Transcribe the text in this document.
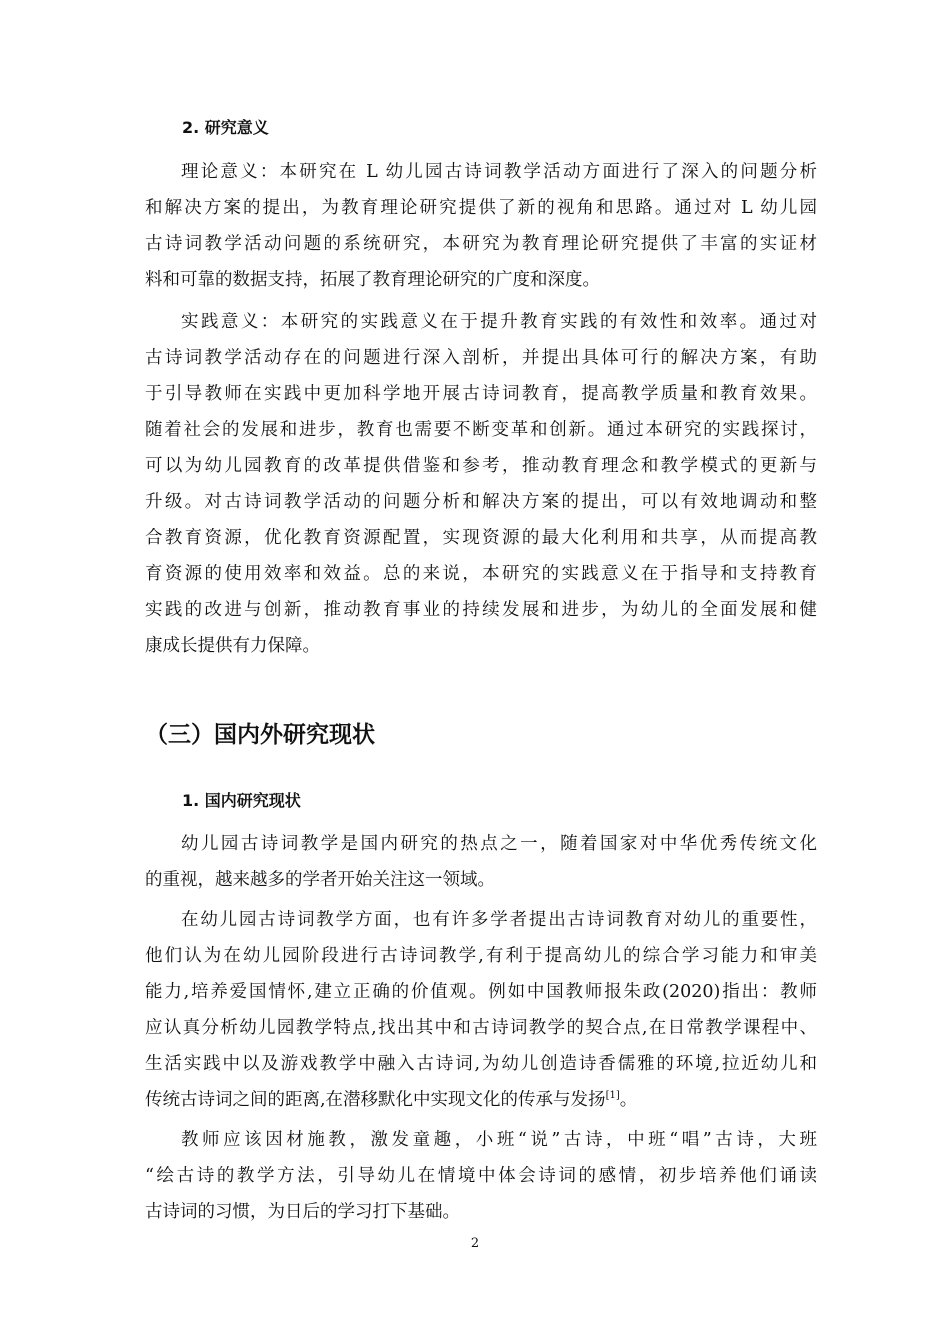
2. 研究意义
理论意义：本研究在 L 幼儿园古诗词教学活动方面进行了深入的问题分析
和解决方案的提出，为教育理论研究提供了新的视角和思路。通过对 L 幼儿园
古诗词教学活动问题的系统研究，本研究为教育理论研究提供了丰富的实证材
料和可靠的数据支持，拓展了教育理论研究的广度和深度。
实践意义：本研究的实践意义在于提升教育实践的有效性和效率。通过对
古诗词教学活动存在的问题进行深入剖析，并提出具体可行的解决方案，有助
于引导教师在实践中更加科学地开展古诗词教育，提高教学质量和教育效果。
随着社会的发展和进步，教育也需要不断变革和创新。通过本研究的实践探讨，
可以为幼儿园教育的改革提供借鉴和参考，推动教育理念和教学模式的更新与
升级。对古诗词教学活动的问题分析和解决方案的提出，可以有效地调动和整
合教育资源，优化教育资源配置，实现资源的最大化利用和共享，从而提高教
育资源的使用效率和效益。总的来说，本研究的实践意义在于指导和支持教育
实践的改进与创新，推动教育事业的持续发展和进步，为幼儿的全面发展和健
康成长提供有力保障。
（三）国内外研究现状
1. 国内研究现状
幼儿园古诗词教学是国内研究的热点之一，随着国家对中华优秀传统文化
的重视，越来越多的学者开始关注这一领域。
在幼儿园古诗词教学方面，也有许多学者提出古诗词教育对幼儿的重要性，
他们认为在幼儿园阶段进行古诗词教学,有利于提高幼儿的综合学习能力和审美
能力,培养爱国情怀,建立正确的价值观。例如中国教师报朱政(2020)指出：教师
应认真分析幼儿园教学特点,找出其中和古诗词教学的契合点,在日常教学课程中、
生活实践中以及游戏教学中融入古诗词,为幼儿创造诗香儒雅的环境,拉近幼儿和
传统古诗词之间的距离,在潜移默化中实现文化的传承与发扬[1]。
教师应该因材施教，激发童趣，小班“说”古诗，中班“唱”古诗，大班
“绘古诗的教学方法，引导幼儿在情境中体会诗词的感情，初步培养他们诵读
古诗词的习惯，为日后的学习打下基础。
2
